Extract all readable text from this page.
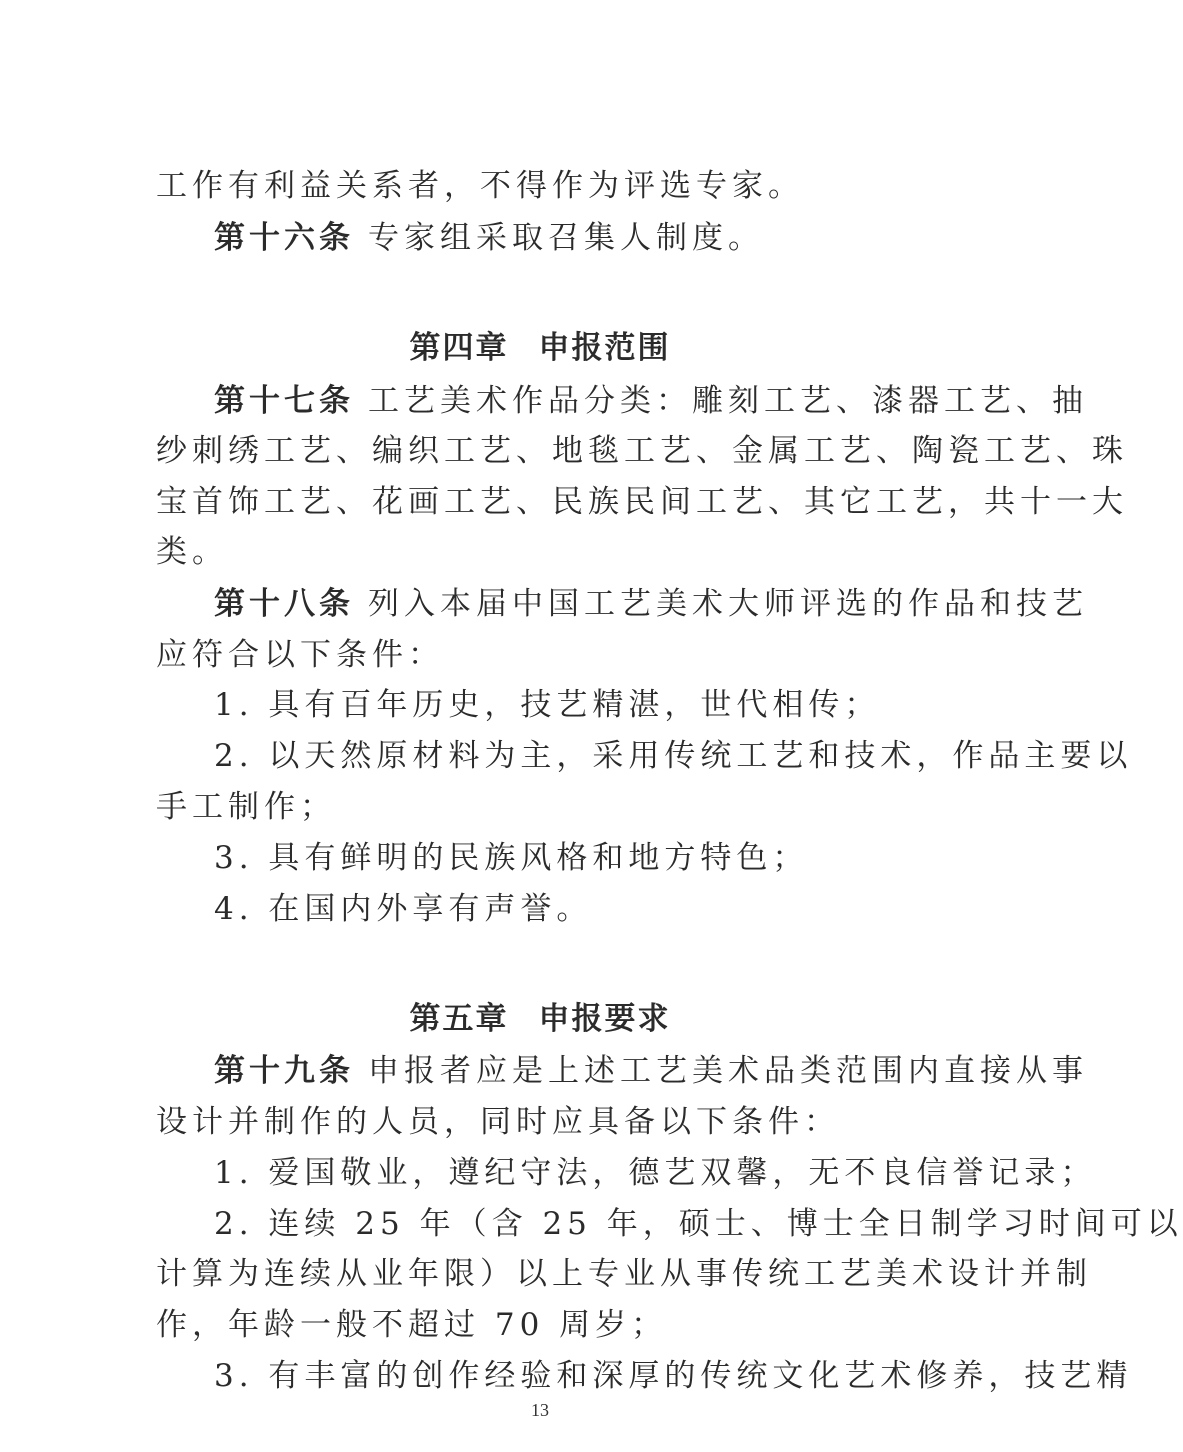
工作有利益关系者，不得作为评选专家。
第十六条 专家组采取召集人制度。
第四章 申报范围
第十七条 工艺美术作品分类：雕刻工艺、漆器工艺、抽
纱刺绣工艺、编织工艺、地毯工艺、金属工艺、陶瓷工艺、珠
宝首饰工艺、花画工艺、民族民间工艺、其它工艺，共十一大
类。
第十八条 列入本届中国工艺美术大师评选的作品和技艺
应符合以下条件：
1. 具有百年历史，技艺精湛，世代相传；
2. 以天然原材料为主，采用传统工艺和技术，作品主要以
手工制作；
3. 具有鲜明的民族风格和地方特色；
4. 在国内外享有声誉。
第五章 申报要求
第十九条 申报者应是上述工艺美术品类范围内直接从事
设计并制作的人员，同时应具备以下条件：
1. 爱国敬业，遵纪守法，德艺双馨，无不良信誉记录；
2. 连续 25 年（含 25 年，硕士、博士全日制学习时间可以
计算为连续从业年限）以上专业从事传统工艺美术设计并制
作，年龄一般不超过 70 周岁；
3. 有丰富的创作经验和深厚的传统文化艺术修养，技艺精
13
